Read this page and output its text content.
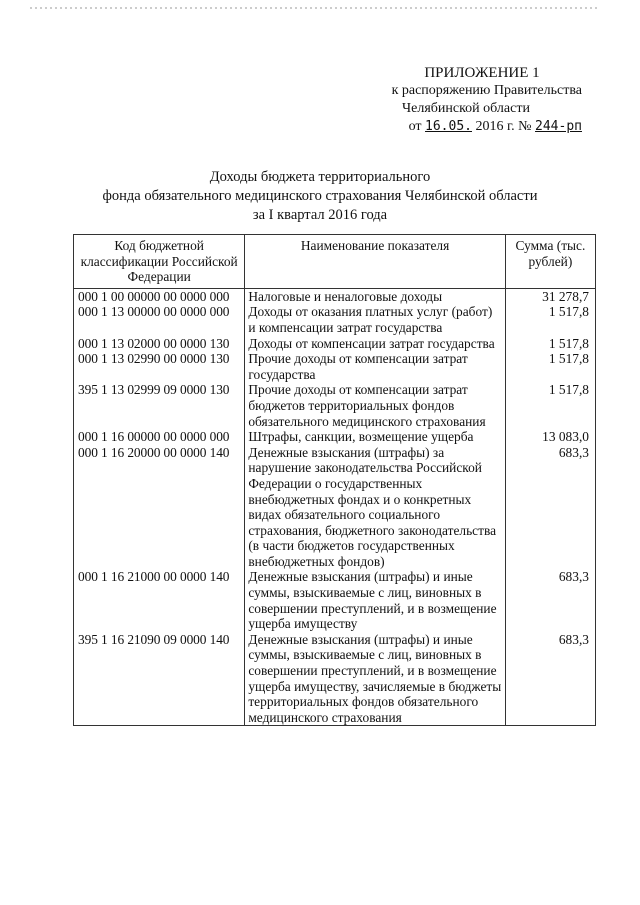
ПРИЛОЖЕНИЕ 1
к распоряжению Правительства
Челябинской области
от 16.05. 2016 г. № 244-рп
Доходы бюджета территориального
фонда обязательного медицинского страхования Челябинской области
за I квартал 2016 года
Код бюджетной классификации Российской Федерации	Наименование показателя	Сумма (тыс. рублей)
000 1 00 00000 00 0000 000	Налоговые и неналоговые доходы	31 278,7
000 1 13 00000 00 0000 000	Доходы от оказания платных услуг (работ) и компенсации затрат государства	1 517,8
000 1 13 02000 00 0000 130	Доходы от компенсации затрат государства	1 517,8
000 1 13 02990 00 0000 130	Прочие доходы от компенсации затрат государства	1 517,8
395 1 13 02999 09 0000 130	Прочие доходы от компенсации затрат бюджетов территориальных фондов обязательного медицинского страхования	1 517,8
000 1 16 00000 00 0000 000	Штрафы, санкции, возмещение ущерба	13 083,0
000 1 16 20000 00 0000 140	Денежные взыскания (штрафы) за нарушение законодательства Российской Федерации о государственных внебюджетных фондах и о конкретных видах обязательного социального страхования, бюджетного законодательства (в части бюджетов государственных внебюджетных фондов)	683,3
000 1 16 21000 00 0000 140	Денежные взыскания (штрафы) и иные суммы, взыскиваемые с лиц, виновных в совершении преступлений, и в возмещение ущерба имуществу	683,3
395 1 16 21090 09 0000 140	Денежные взыскания (штрафы) и иные суммы, взыскиваемые с лиц, виновных в совершении преступлений, и в возмещение ущерба имуществу, зачисляемые в бюджеты территориальных фондов обязательного медицинского страхования	683,3
